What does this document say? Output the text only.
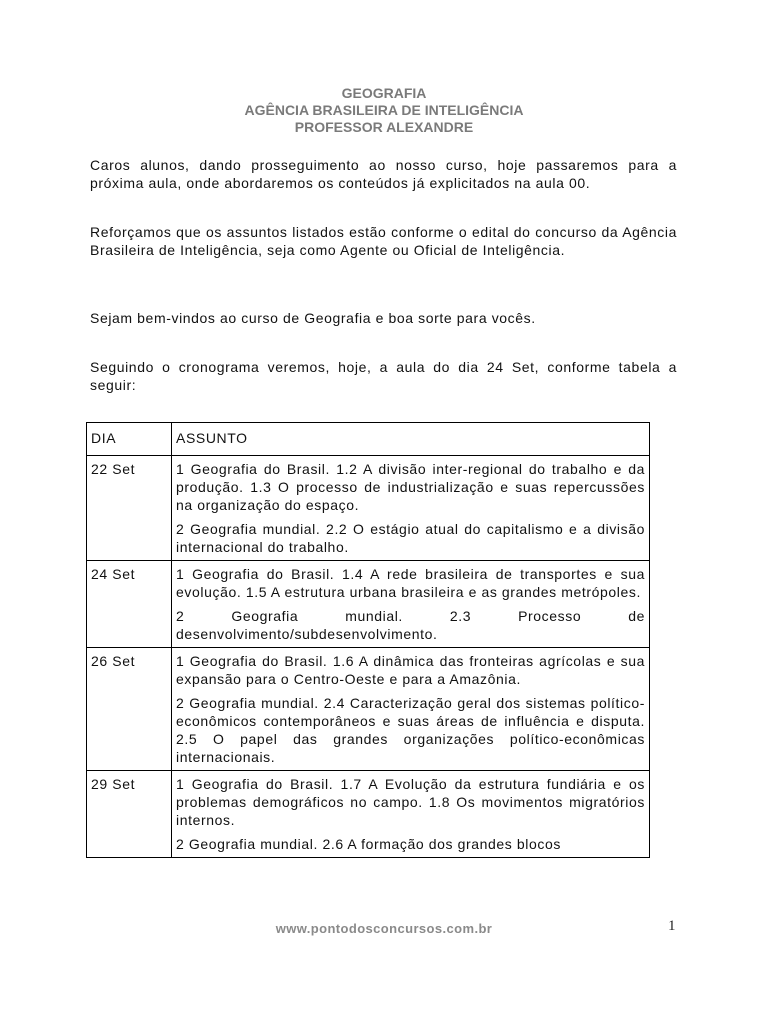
GEOGRAFIA
AGÊNCIA BRASILEIRA DE INTELIGÊNCIA
PROFESSOR ALEXANDRE

Caros alunos, dando prosseguimento ao nosso curso, hoje passaremos para a próxima aula, onde abordaremos os conteúdos já explicitados na aula 00.

Reforçamos que os assuntos listados estão conforme o edital do concurso da Agência Brasileira de Inteligência, seja como Agente ou Oficial de Inteligência.

Sejam bem-vindos ao curso de Geografia e boa sorte para vocês.

Seguindo o cronograma veremos, hoje, a aula do dia 24 Set, conforme tabela a seguir:

DIA	ASSUNTO
22 Set	1 Geografia do Brasil. 1.2 A divisão inter-regional do trabalho e da produção. 1.3 O processo de industrialização e suas repercussões na organização do espaço.

2 Geografia mundial. 2.2 O estágio atual do capitalismo e a divisão internacional do trabalho.

24 Set	1 Geografia do Brasil. 1.4 A rede brasileira de transportes e sua evolução. 1.5 A estrutura urbana brasileira e as grandes metrópoles.

2 Geografia mundial. 2.3 Processo de desenvolvimento/subdesenvolvimento.

26 Set	1 Geografia do Brasil. 1.6 A dinâmica das fronteiras agrícolas e sua expansão para o Centro-Oeste e para a Amazônia.

2 Geografia mundial. 2.4 Caracterização geral dos sistemas político-econômicos contemporâneos e suas áreas de influência e disputa. 2.5 O papel das grandes organizações político-econômicas internacionais.

29 Set	1 Geografia do Brasil. 1.7 A Evolução da estrutura fundiária e os problemas demográficos no campo. 1.8 Os movimentos migratórios internos.

2 Geografia mundial. 2.6 A formação dos grandes blocos

www.pontodosconcursos.com.br	1
